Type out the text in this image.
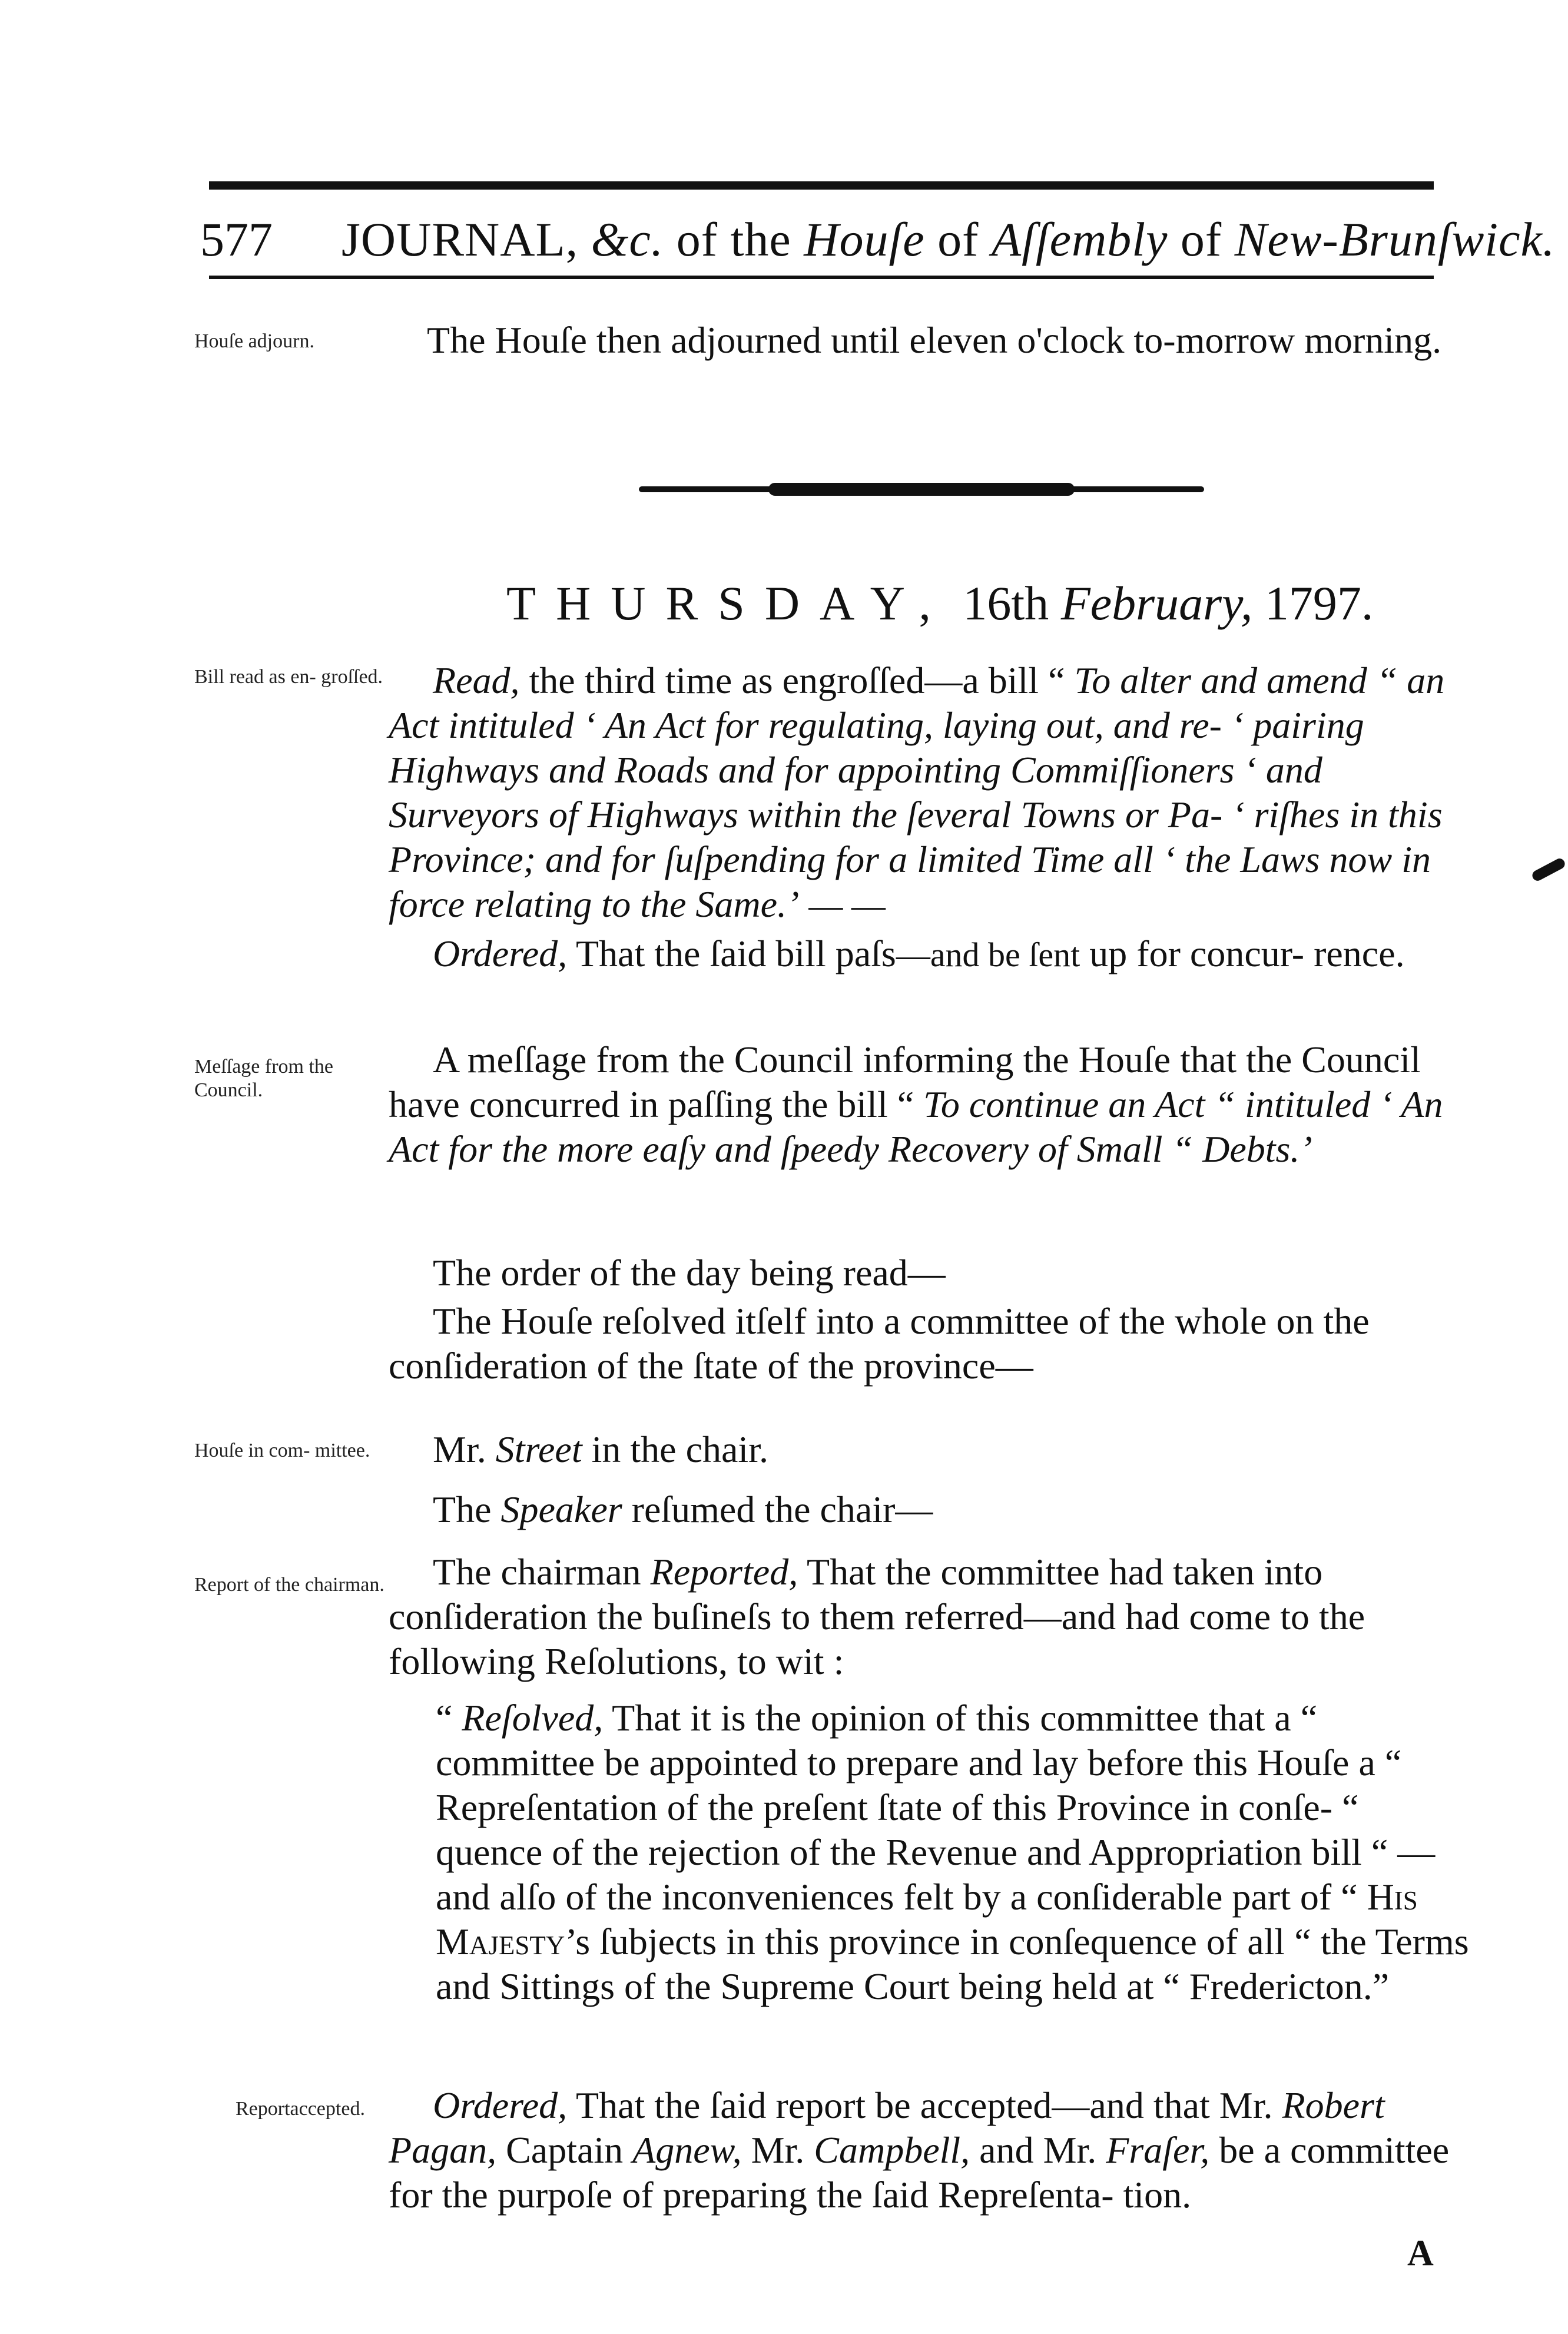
577 JOURNAL, &c. of the Houſe of Aſſembly of New-Brunſwick.
Houſe adjourn.
Bill read as en- groſſed.
Meſſage from the Council.
Houſe in com- mittee.
Report of the chairman.
Reportaccepted.
The Houſe then adjourned until eleven o'clock to-morrow morning.
THURSDAY, 16th February, 1797.
Read, the third time as engroſſed—a bill “ To alter and amend “ an Act intituled ‘ An Act for regulating, laying out, and re- ‘ pairing Highways and Roads and for appointing Commiſſioners ‘ and Surveyors of Highways within the ſeveral Towns or Pa- ‘ riſhes in this Province; and for ſuſpending for a limited Time all ‘ the Laws now in force relating to the Same.’ — —
Ordered, That the ſaid bill paſs—and be ſent up for concur- rence.
A meſſage from the Council informing the Houſe that the Council have concurred in paſſing the bill “ To continue an Act “ intituled ‘ An Act for the more eaſy and ſpeedy Recovery of Small “ Debts.’
The order of the day being read—
The Houſe reſolved itſelf into a committee of the whole on the conſideration of the ſtate of the province—
Mr. Street in the chair.
The Speaker reſumed the chair—
The chairman Reported, That the committee had taken into conſideration the buſineſs to them referred—and had come to the following Reſolutions, to wit :
“ Reſolved, That it is the opinion of this committee that a “ committee be appointed to prepare and lay before this Houſe a “ Repreſentation of the preſent ſtate of this Province in conſe- “ quence of the rejection of the Revenue and Appropriation bill “ —and alſo of the inconveniences felt by a conſiderable part of “ His Majesty’s ſubjects in this province in conſequence of all “ the Terms and Sittings of the Supreme Court being held at “ Fredericton.”
Ordered, That the ſaid report be accepted—and that Mr. Robert Pagan, Captain Agnew, Mr. Campbell, and Mr. Fraſer, be a committee for the purpoſe of preparing the ſaid Repreſenta- tion.
A
